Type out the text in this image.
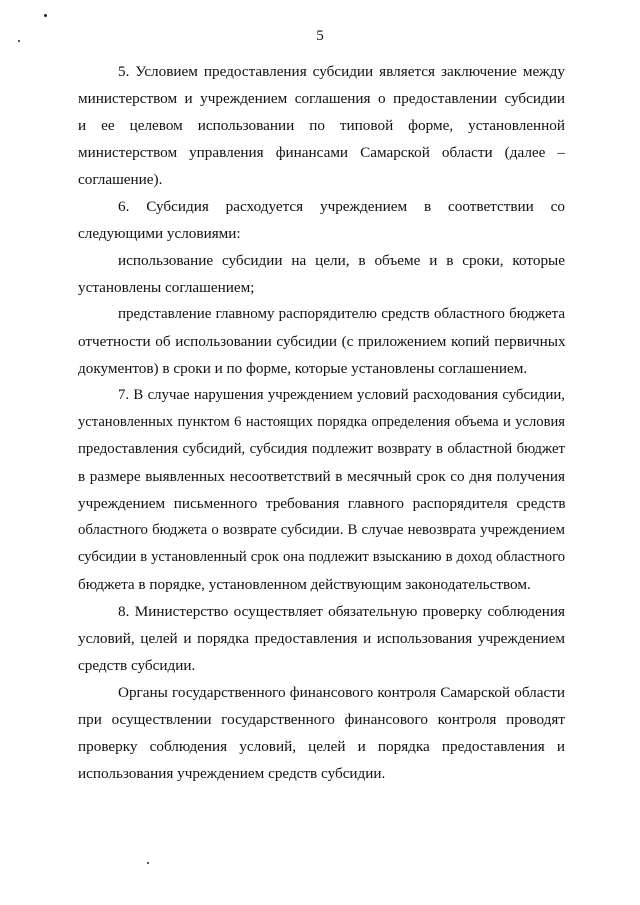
5
5. Условием предоставления субсидии является заключение между
министерством и учреждением соглашения о предоставлении субсидии
и ее целевом использовании по типовой форме, установленной
министерством управления финансами Самарской области (далее –
соглашение).
6. Субсидия расходуется учреждением в соответствии со
следующими условиями:
использование субсидии на цели, в объеме и в сроки, которые
установлены соглашением;
представление главному распорядителю средств областного бюджета
отчетности об использовании субсидии (с приложением копий первичных
документов) в сроки и по форме, которые установлены соглашением.
7. В случае нарушения учреждением условий расходования субсидии,
установленных пунктом 6 настоящих порядка определения объема и условия
предоставления субсидий, субсидия подлежит возврату в областной бюджет
в размере выявленных несоответствий в месячный срок со дня получения
учреждением письменного требования главного распорядителя средств
областного бюджета о возврате субсидии. В случае невозврата учреждением
субсидии в установленный срок она подлежит взысканию в доход областного
бюджета в порядке, установленном действующим законодательством.
8. Министерство осуществляет обязательную проверку соблюдения
условий, целей и порядка предоставления и использования учреждением
средств субсидии.
Органы государственного финансового контроля Самарской области
при осуществлении государственного финансового контроля проводят
проверку соблюдения условий, целей и порядка предоставления и
использования учреждением средств субсидии.
